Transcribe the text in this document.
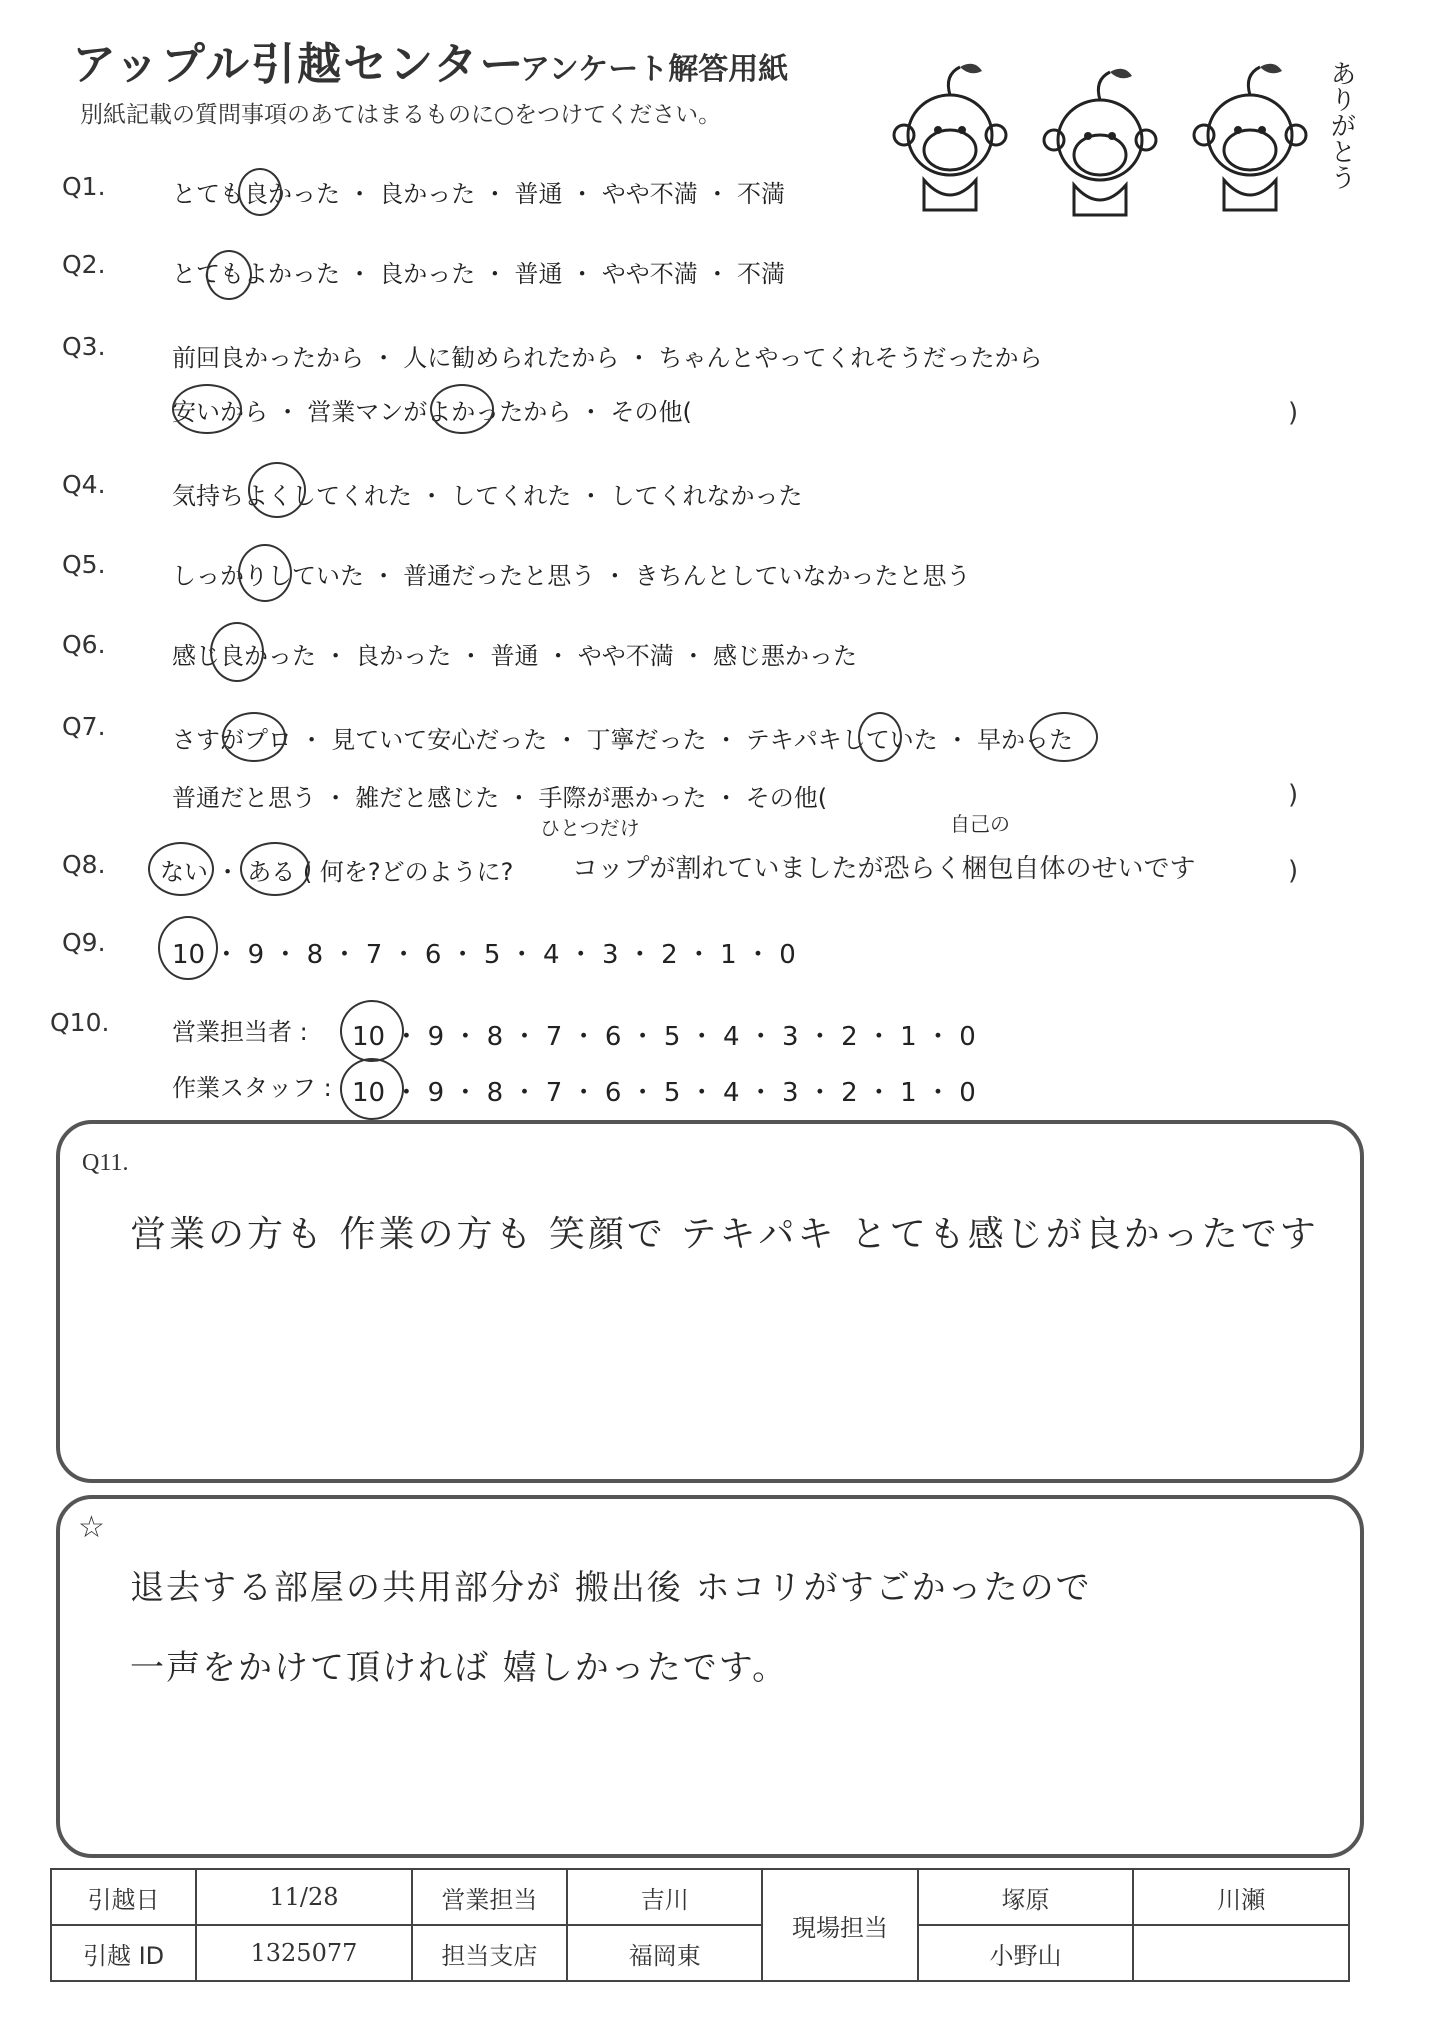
アップル引越センター
アンケート解答用紙
別紙記載の質問事項のあてはまるものに○をつけてください。	ありがとう
Q1.	とても良かった ・ 良かった ・ 普通 ・ やや不満 ・ 不満
Q2.	とてもよかった ・ 良かった ・ 普通 ・ やや不満 ・ 不満
Q3.	前回良かったから ・ 人に勧められたから ・ ちゃんとやってくれそうだったから
安いから ・ 営業マンがよかったから ・ その他(	)
Q4.	気持ちよくしてくれた ・ してくれた ・ してくれなかった
Q5.	しっかりしていた ・ 普通だったと思う ・ きちんとしていなかったと思う
Q6.	感じ良かった ・ 良かった ・ 普通 ・ やや不満 ・ 感じ悪かった
Q7.	さすがプロ ・ 見ていて安心だった ・ 丁寧だった ・ テキパキしていた ・ 早かった
普通だと思う ・ 雑だと感じた ・ 手際が悪かった ・ その他(	)
Q8. ない ・ ある ( 何を?どのように?	)
ひとつだけ	自己の
コップが割れていましたが恐らく梱包自体のせいです
Q9.	10 ・ 9 ・ 8 ・ 7 ・ 6 ・ 5 ・ 4 ・ 3 ・ 2 ・ 1 ・ 0
Q10.	営業担当者 : 10 ・ 9 ・ 8 ・ 7 ・ 6 ・ 5 ・ 4 ・ 3 ・ 2 ・ 1 ・ 0
作業スタッフ : 10 ・ 9 ・ 8 ・ 7 ・ 6 ・ 5 ・ 4 ・ 3 ・ 2 ・ 1 ・ 0
Q11.
営業の方も 作業の方も 笑顔で テキパキ とても感じが良かったです
☆
退去する部屋の共用部分が 搬出後 ホコリがすごかったので
一声をかけて頂ければ 嬉しかったです。
引越日	11/28	営業担当	吉川	現場担当	塚原	川瀬
引越 ID	1325077	担当支店	福岡東		小野山	
